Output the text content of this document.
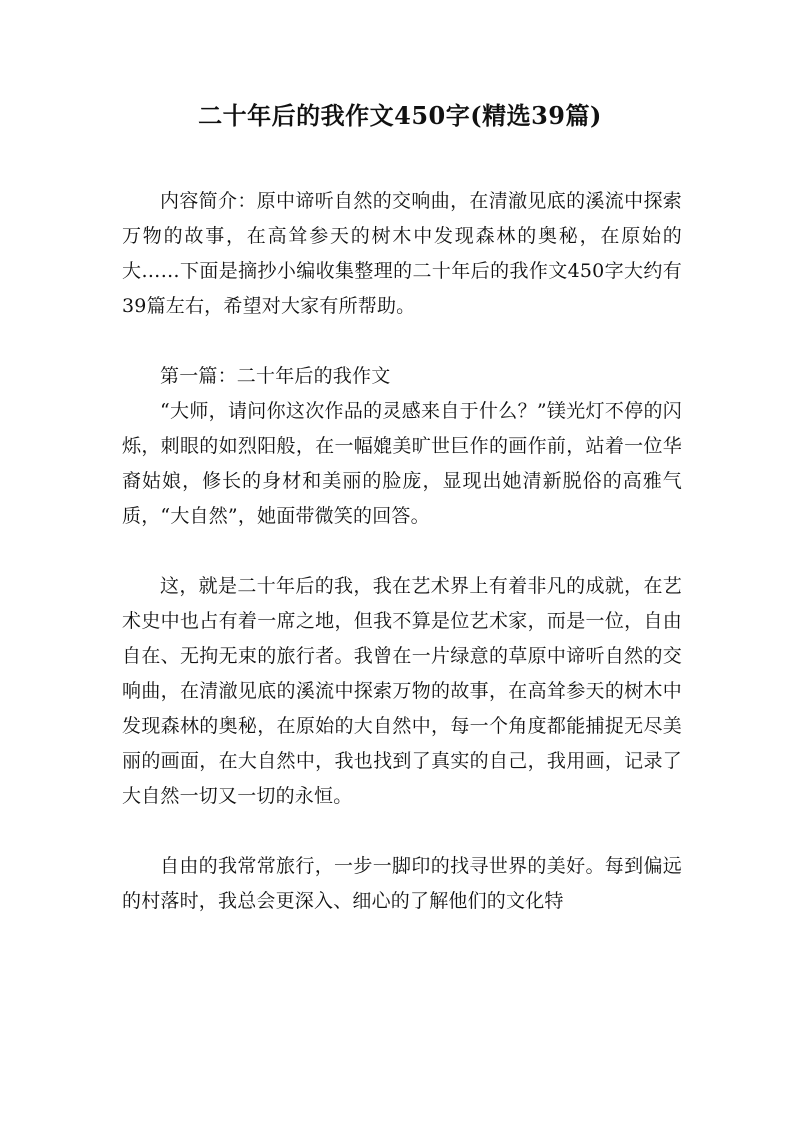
二十年后的我作文450字(精选39篇)

内容简介：原中谛听自然的交响曲，在清澈见底的溪流中探索万物的故事，在高耸参天的树木中发现森林的奥秘，在原始的大……下面是摘抄小编收集整理的二十年后的我作文450字大约有39篇左右，希望对大家有所帮助。

第一篇：二十年后的我作文

“大师，请问你这次作品的灵感来自于什么？”镁光灯不停的闪烁，刺眼的如烈阳般，在一幅媲美旷世巨作的画作前，站着一位华裔姑娘，修长的身材和美丽的脸庞，显现出她清新脱俗的高雅气质，“大自然”，她面带微笑的回答。

这，就是二十年后的我，我在艺术界上有着非凡的成就，在艺术史中也占有着一席之地，但我不算是位艺术家，而是一位，自由自在、无拘无束的旅行者。我曾在一片绿意的草原中谛听自然的交响曲，在清澈见底的溪流中探索万物的故事，在高耸参天的树木中发现森林的奥秘，在原始的大自然中，每一个角度都能捕捉无尽美丽的画面，在大自然中，我也找到了真实的自己，我用画，记录了大自然一切又一切的永恒。

自由的我常常旅行，一步一脚印的找寻世界的美好。每到偏远的村落时，我总会更深入、细心的了解他们的文化特
